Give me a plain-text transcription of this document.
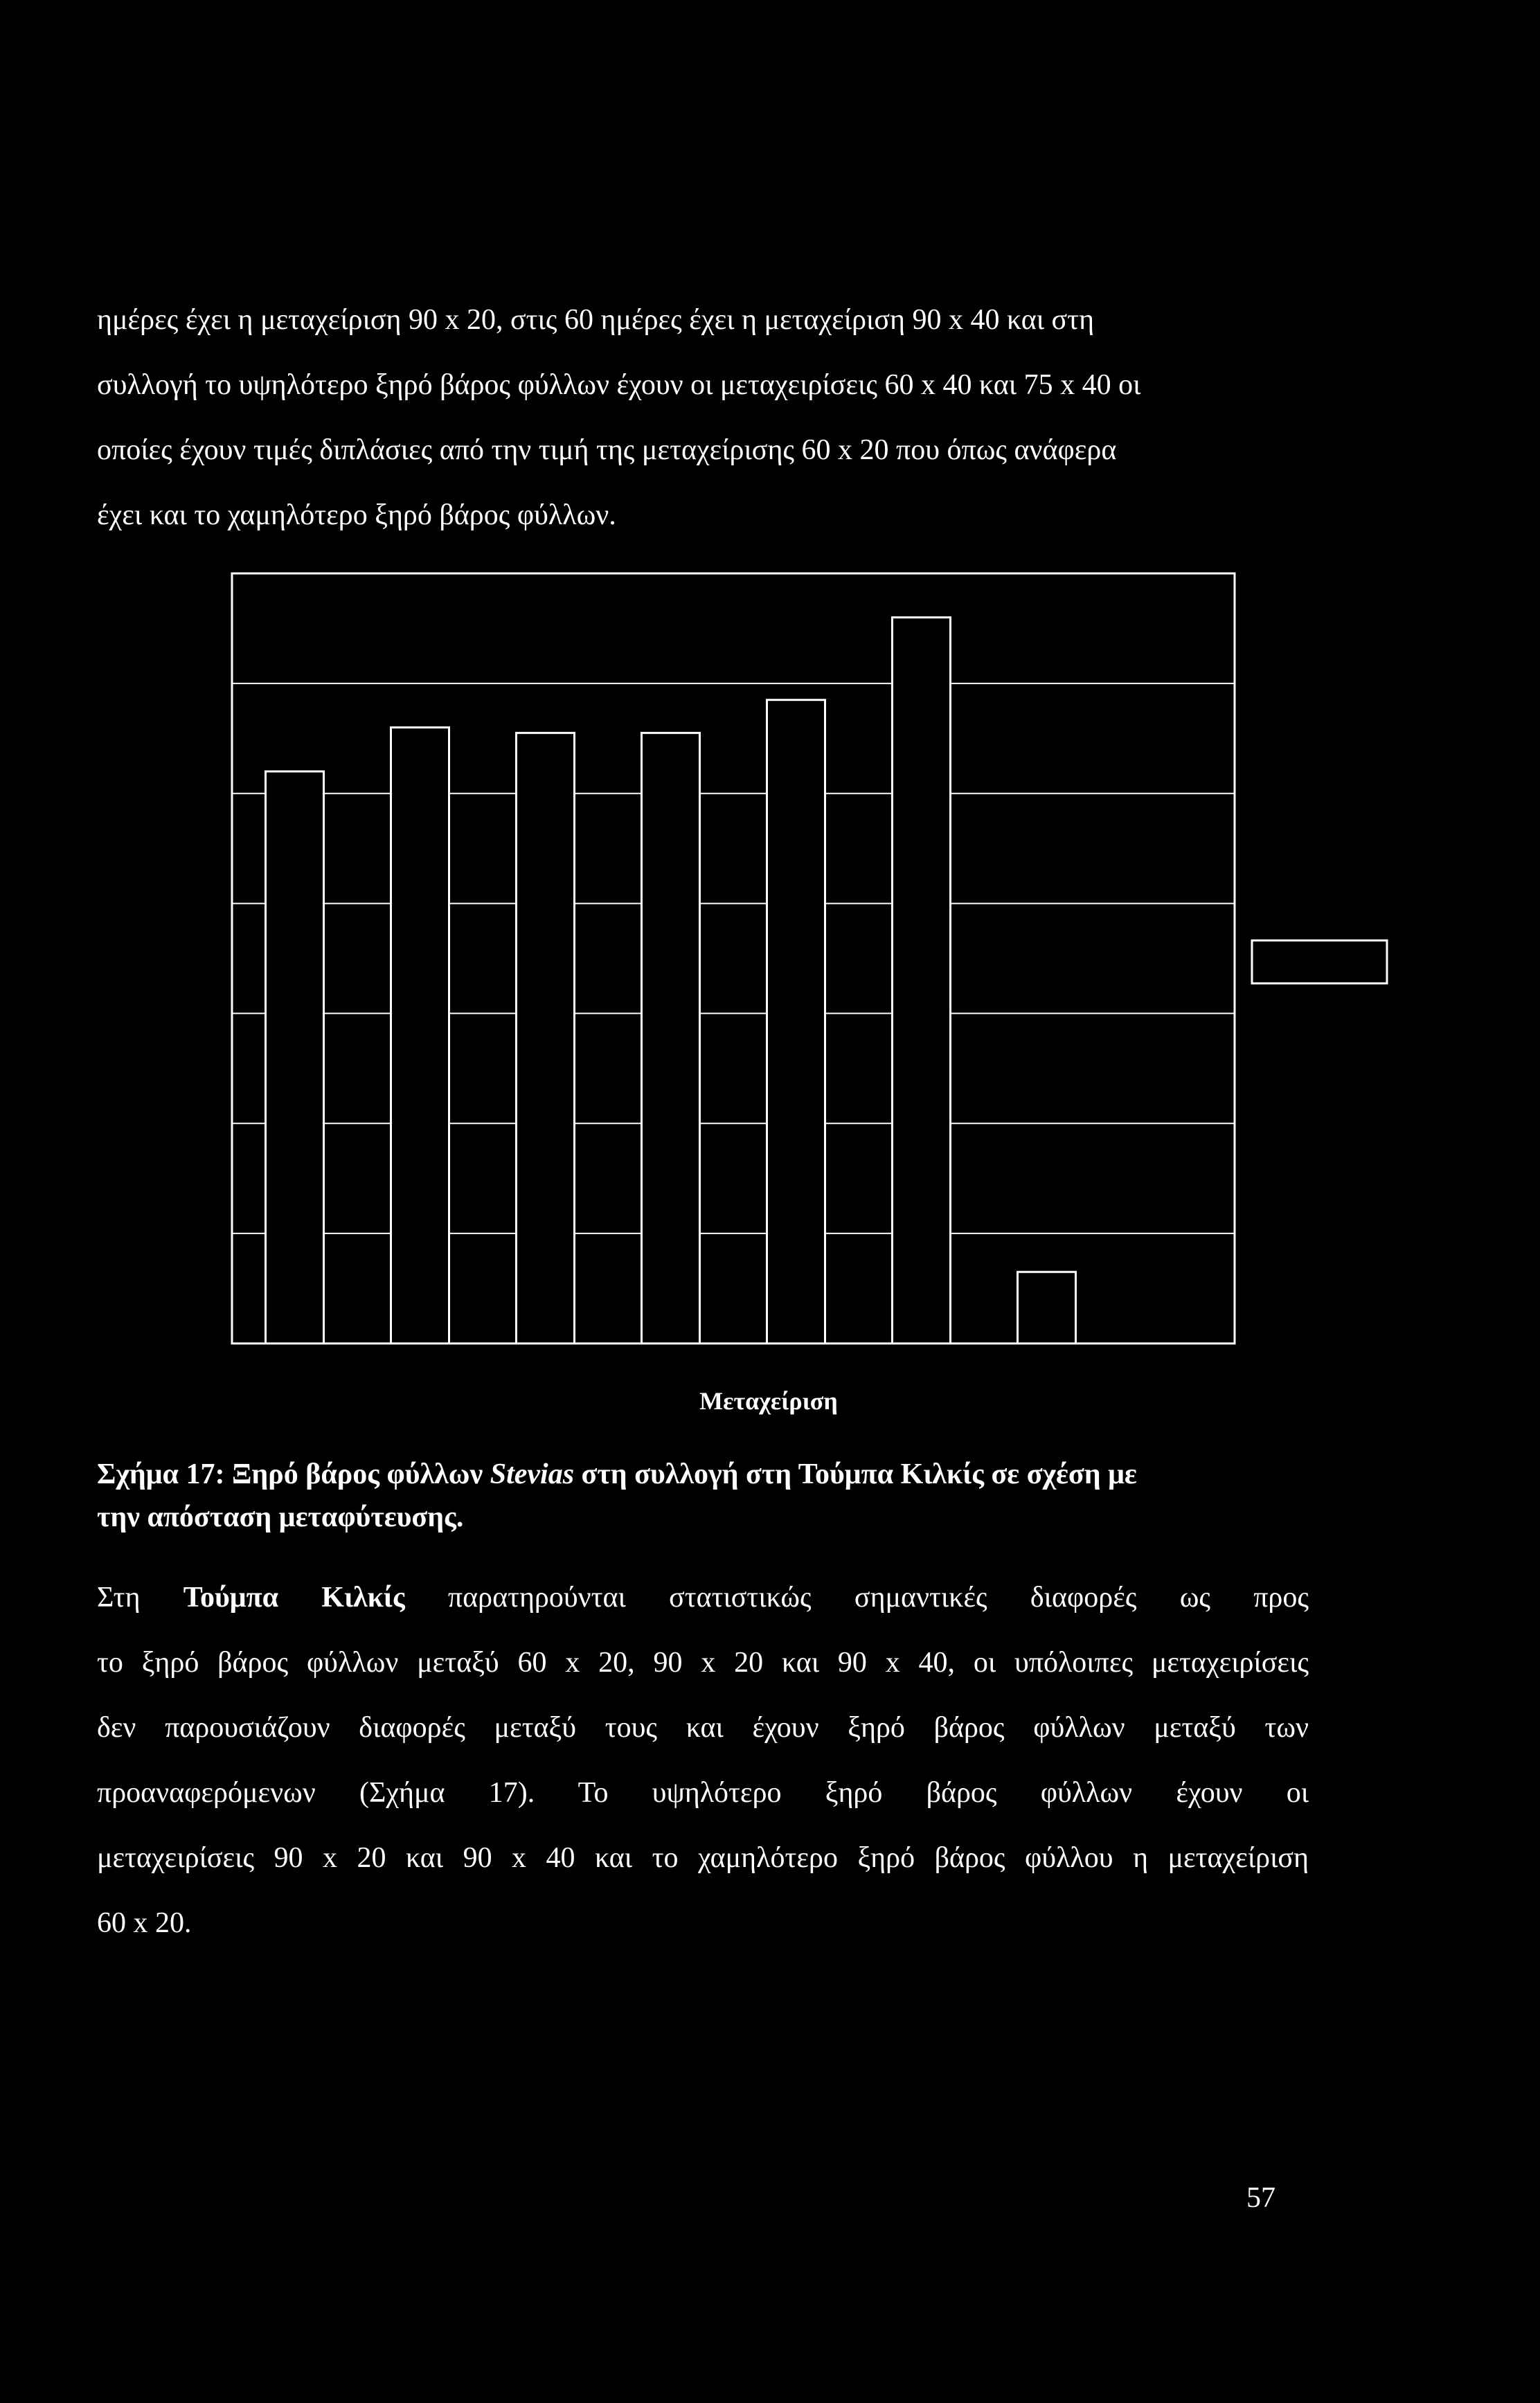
ημέρες έχει η μεταχείριση 90 x 20, στις 60 ημέρες έχει η μεταχείριση 90 x 40 και στη
συλλογή το υψηλότερο ξηρό βάρος φύλλων έχουν οι μεταχειρίσεις 60 x 40 και 75 x 40 οι
οποίες έχουν τιμές διπλάσιες από την τιμή της μεταχείρισης 60 x 20 που όπως ανάφερα
έχει και το χαμηλότερο ξηρό βάρος φύλλων.
Μεταχείριση
Σχήμα 17: Ξηρό βάρος φύλλων Stevias στη συλλογή στη Τούμπα Κιλκίς σε σχέση με
την απόσταση μεταφύτευσης.
Στη Τούμπα Κιλκίς παρατηρούνται στατιστικώς σημαντικές διαφορές ως προς
το ξηρό βάρος φύλλων μεταξύ 60 x 20, 90 x 20 και 90 x 40, οι υπόλοιπες μεταχειρίσεις
δεν παρουσιάζουν διαφορές μεταξύ τους και έχουν ξηρό βάρος φύλλων μεταξύ των
προαναφερόμενων (Σχήμα 17). Το υψηλότερο ξηρό βάρος φύλλων έχουν οι
μεταχειρίσεις 90 x 20 και 90 x 40 και το χαμηλότερο ξηρό βάρος φύλλου η μεταχείριση
60 x 20.
57
